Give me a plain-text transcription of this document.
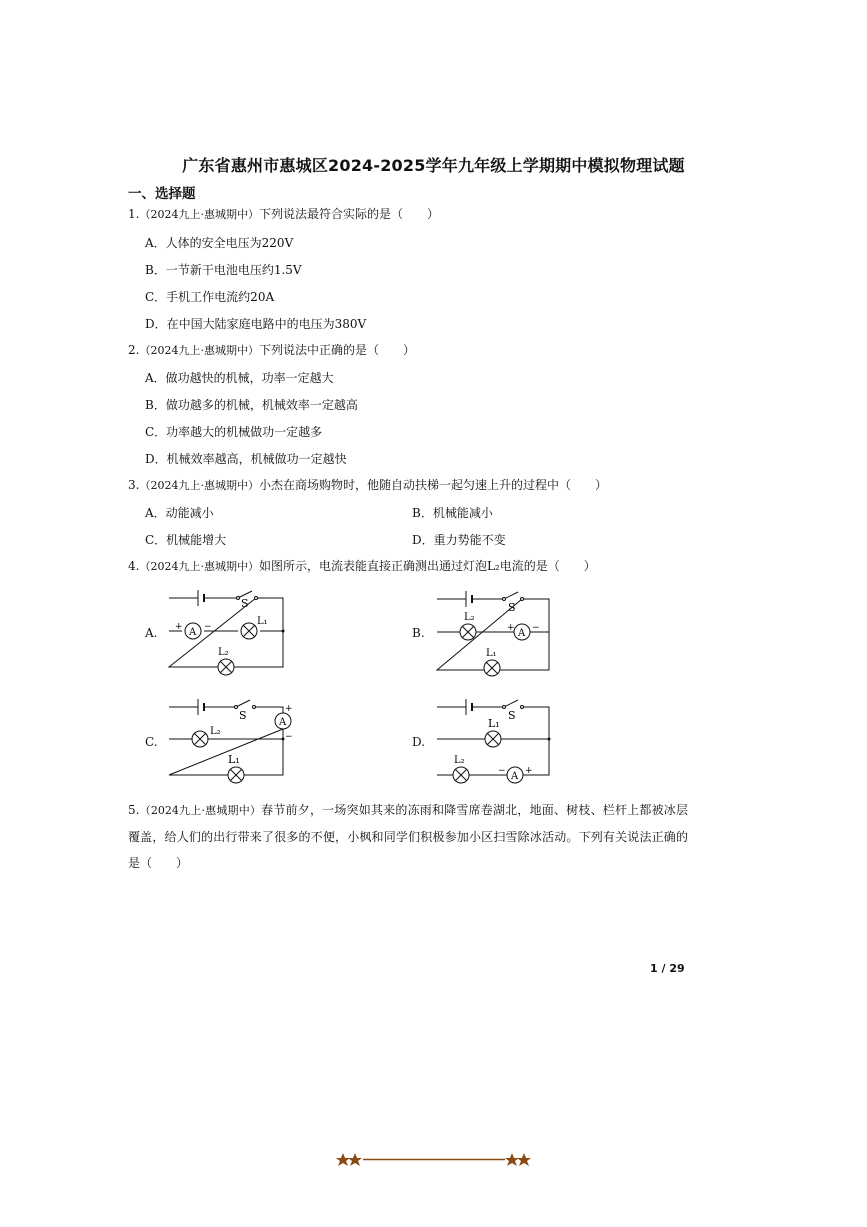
广东省惠州市惠城区2024-2025学年九年级上学期期中模拟物理试题
一、选择题
1.（2024九上·惠城期中）下列说法最符合实际的是（　　）
A．人体的安全电压为220V
B．一节新干电池电压约1.5V
C．手机工作电流约20A
D．在中国大陆家庭电路中的电压为380V
2.（2024九上·惠城期中）下列说法中正确的是（　　）
A．做功越快的机械，功率一定越大
B．做功越多的机械，机械效率一定越高
C．功率越大的机械做功一定越多
D．机械效率越高，机械做功一定越快
3.（2024九上·惠城期中）小杰在商场购物时，他随自动扶梯一起匀速上升的过程中（　　）
A．动能减小	B．机械能减小
C．机械能增大	D．重力势能不变
4.（2024九上·惠城期中）如图所示，电流表能直接正确测出通过灯泡L₂电流的是（　　）
A.	B.
C.	D.
S
A
+ −	L₁
L₂
S
L₂
A
+ −
L₁
S
A
+
−
L₂
L₁
S
L₁
L₂
A
− +
5.（2024九上·惠城期中）春节前夕，一场突如其来的冻雨和降雪席卷湖北，地面、树枝、栏杆上都被冰层覆盖，给人们的出行带来了很多的不便，小枫和同学们积极参加小区扫雪除冰活动。下列有关说法正确的是（　　）
1 / 29
